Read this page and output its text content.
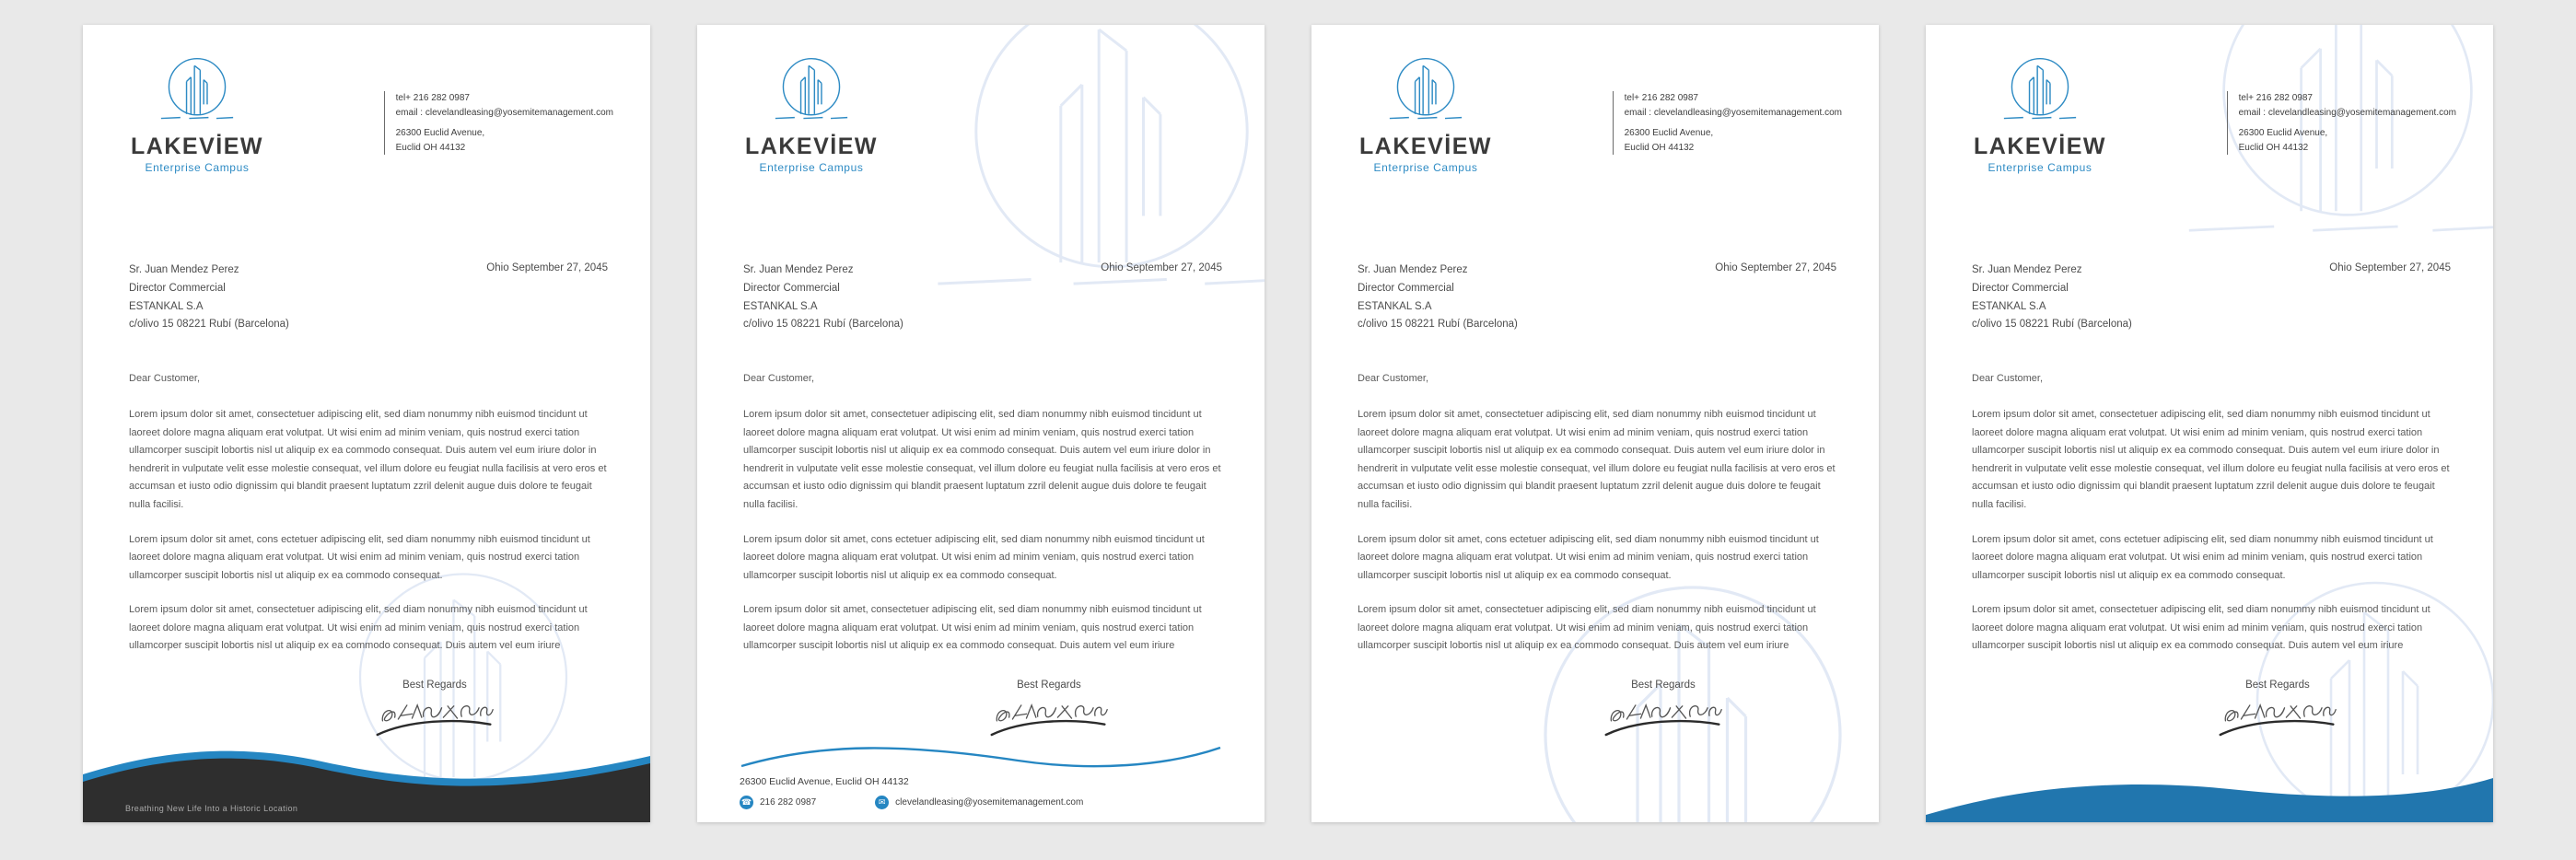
LAKEVİEW
Enterprise Campus
tel+ 216 282 0987
email : clevelandleasing@yosemitemanagement.com
26300 Euclid Avenue,
Euclid OH 44132
Sr. Juan Mendez Perez
Director Commercial
ESTANKAL S.A
c/olivo 15 08221 Rubí (Barcelona)
Ohio September 27, 2045
Dear Customer,

Lorem ipsum dolor sit amet, consectetuer adipiscing elit, sed diam nonummy nibh euismod tincidunt ut laoreet dolore magna aliquam erat volutpat. Ut wisi enim ad minim veniam, quis nostrud exerci tation ullamcorper suscipit lobortis nisl ut aliquip ex ea commodo consequat. Duis autem vel eum iriure dolor in hendrerit in vulputate velit esse molestie consequat, vel illum dolore eu feugiat nulla facilisis at vero eros et accumsan et iusto odio dignissim qui blandit praesent luptatum zzril delenit augue duis dolore te feugait nulla facilisi.

Lorem ipsum dolor sit amet, cons ectetuer adipiscing elit, sed diam nonummy nibh euismod tincidunt ut laoreet dolore magna aliquam erat volutpat. Ut wisi enim ad minim veniam, quis nostrud exerci tation ullamcorper suscipit lobortis nisl ut aliquip ex ea commodo consequat.

Lorem ipsum dolor sit amet, consectetuer adipiscing elit, sed diam nonummy nibh euismod tincidunt ut laoreet dolore magna aliquam erat volutpat. Ut wisi enim ad minim veniam, quis nostrud exerci tation ullamcorper suscipit lobortis nisl ut aliquip ex ea commodo consequat. Duis autem vel eum iriure

Best Regards
Breathing New Life Into a Historic Location
LAKEVİEW
Enterprise Campus
Sr. Juan Mendez Perez
Director Commercial
ESTANKAL S.A
c/olivo 15 08221 Rubí (Barcelona)
Ohio September 27, 2045
Dear Customer,

Lorem ipsum dolor sit amet, consectetuer adipiscing elit, sed diam nonummy nibh euismod tincidunt ut laoreet dolore magna aliquam erat volutpat. Ut wisi enim ad minim veniam, quis nostrud exerci tation ullamcorper suscipit lobortis nisl ut aliquip ex ea commodo consequat. Duis autem vel eum iriure dolor in hendrerit in vulputate velit esse molestie consequat, vel illum dolore eu feugiat nulla facilisis at vero eros et accumsan et iusto odio dignissim qui blandit praesent luptatum zzril delenit augue duis dolore te feugait nulla facilisi.

Lorem ipsum dolor sit amet, cons ectetuer adipiscing elit, sed diam nonummy nibh euismod tincidunt ut laoreet dolore magna aliquam erat volutpat. Ut wisi enim ad minim veniam, quis nostrud exerci tation ullamcorper suscipit lobortis nisl ut aliquip ex ea commodo consequat.

Lorem ipsum dolor sit amet, consectetuer adipiscing elit, sed diam nonummy nibh euismod tincidunt ut laoreet dolore magna aliquam erat volutpat. Ut wisi enim ad minim veniam, quis nostrud exerci tation ullamcorper suscipit lobortis nisl ut aliquip ex ea commodo consequat. Duis autem vel eum iriure

Best Regards
26300 Euclid Avenue, Euclid OH 44132
☎ 216 282 0987	✉	clevelandleasing@yosemitemanagement.com
LAKEVİEW
Enterprise Campus
tel+ 216 282 0987
email : clevelandleasing@yosemitemanagement.com
26300 Euclid Avenue,
Euclid OH 44132
Sr. Juan Mendez Perez
Director Commercial
ESTANKAL S.A
c/olivo 15 08221 Rubí (Barcelona)
Ohio September 27, 2045
Dear Customer,

Lorem ipsum dolor sit amet, consectetuer adipiscing elit, sed diam nonummy nibh euismod tincidunt ut laoreet dolore magna aliquam erat volutpat. Ut wisi enim ad minim veniam, quis nostrud exerci tation ullamcorper suscipit lobortis nisl ut aliquip ex ea commodo consequat. Duis autem vel eum iriure dolor in hendrerit in vulputate velit esse molestie consequat, vel illum dolore eu feugiat nulla facilisis at vero eros et accumsan et iusto odio dignissim qui blandit praesent luptatum zzril delenit augue duis dolore te feugait nulla facilisi.

Lorem ipsum dolor sit amet, cons ectetuer adipiscing elit, sed diam nonummy nibh euismod tincidunt ut laoreet dolore magna aliquam erat volutpat. Ut wisi enim ad minim veniam, quis nostrud exerci tation ullamcorper suscipit lobortis nisl ut aliquip ex ea commodo consequat.

Lorem ipsum dolor sit amet, consectetuer adipiscing elit, sed diam nonummy nibh euismod tincidunt ut laoreet dolore magna aliquam erat volutpat. Ut wisi enim ad minim veniam, quis nostrud exerci tation ullamcorper suscipit lobortis nisl ut aliquip ex ea commodo consequat. Duis autem vel eum iriure

Best Regards
LAKEVİEW
Enterprise Campus
tel+ 216 282 0987
email : clevelandleasing@yosemitemanagement.com
26300 Euclid Avenue,
Euclid OH 44132
Sr. Juan Mendez Perez
Director Commercial
ESTANKAL S.A
c/olivo 15 08221 Rubí (Barcelona)
Ohio September 27, 2045
Dear Customer,

Lorem ipsum dolor sit amet, consectetuer adipiscing elit, sed diam nonummy nibh euismod tincidunt ut laoreet dolore magna aliquam erat volutpat. Ut wisi enim ad minim veniam, quis nostrud exerci tation ullamcorper suscipit lobortis nisl ut aliquip ex ea commodo consequat. Duis autem vel eum iriure dolor in hendrerit in vulputate velit esse molestie consequat, vel illum dolore eu feugiat nulla facilisis at vero eros et accumsan et iusto odio dignissim qui blandit praesent luptatum zzril delenit augue duis dolore te feugait nulla facilisi.

Lorem ipsum dolor sit amet, cons ectetuer adipiscing elit, sed diam nonummy nibh euismod tincidunt ut laoreet dolore magna aliquam erat volutpat. Ut wisi enim ad minim veniam, quis nostrud exerci tation ullamcorper suscipit lobortis nisl ut aliquip ex ea commodo consequat.

Lorem ipsum dolor sit amet, consectetuer adipiscing elit, sed diam nonummy nibh euismod tincidunt ut laoreet dolore magna aliquam erat volutpat. Ut wisi enim ad minim veniam, quis nostrud exerci tation ullamcorper suscipit lobortis nisl ut aliquip ex ea commodo consequat. Duis autem vel eum iriure

Best Regards
